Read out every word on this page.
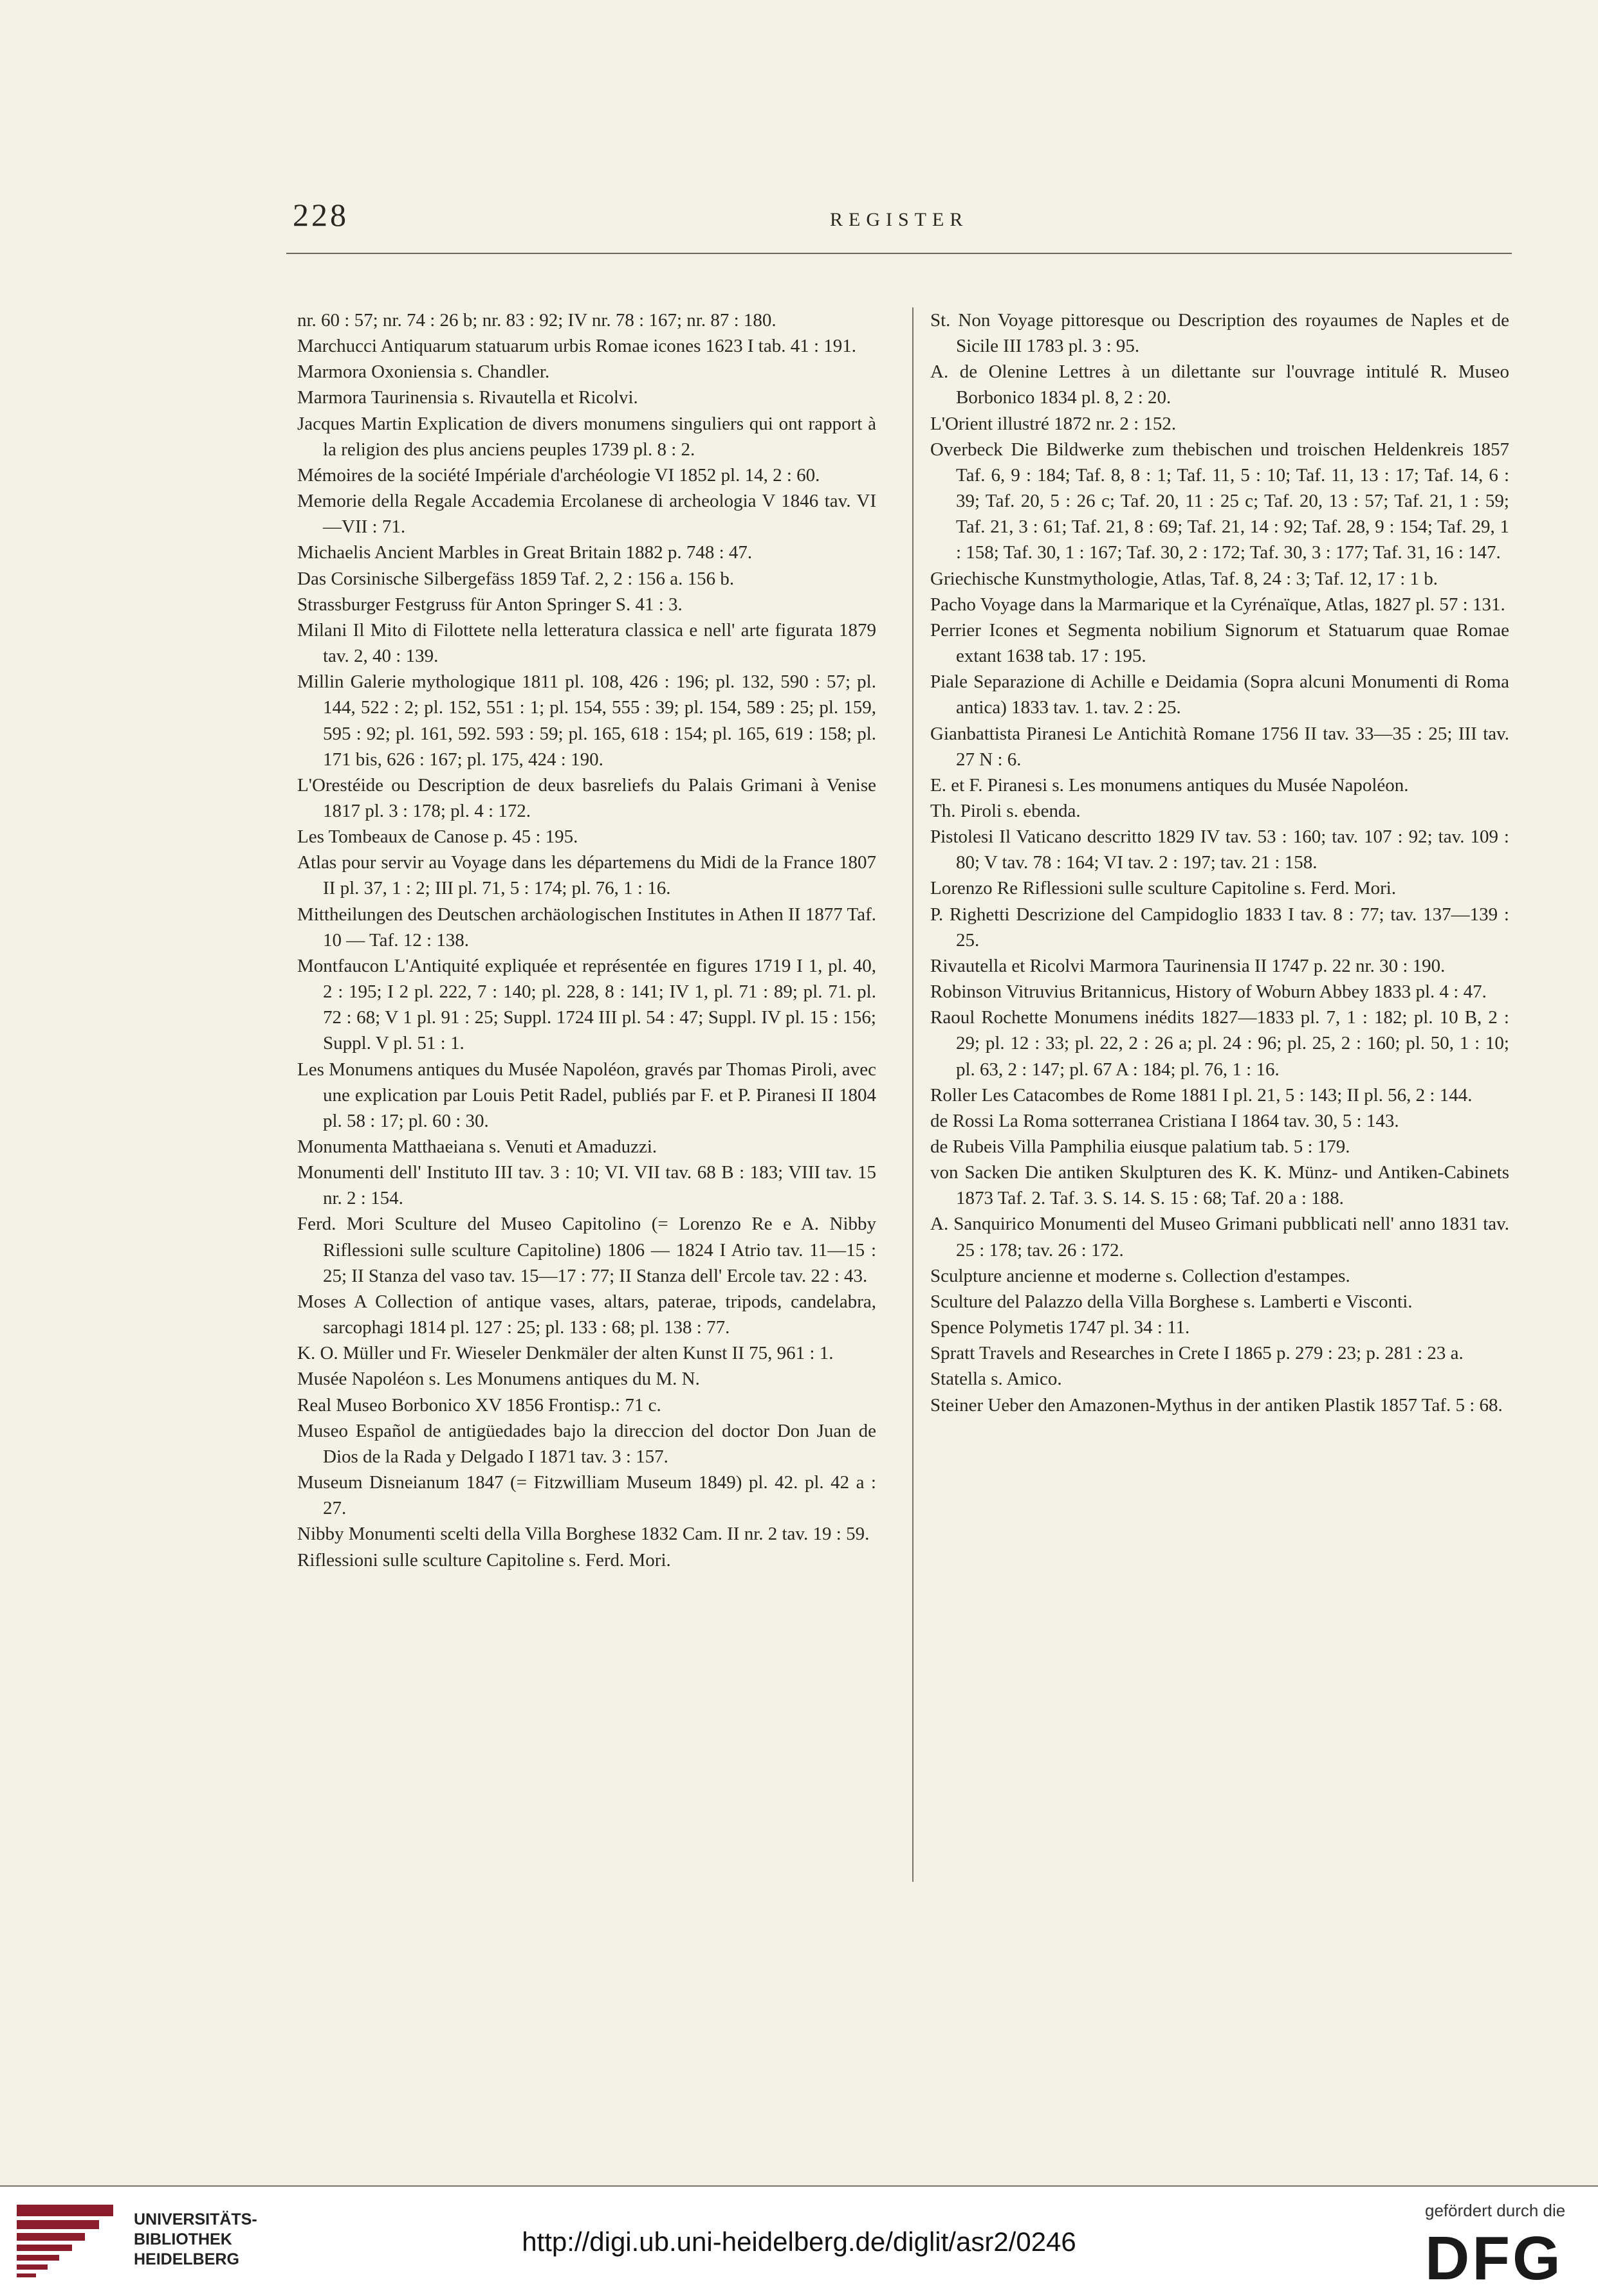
228	REGISTER

nr. 60 : 57; nr. 74 : 26 b; nr. 83 : 92; IV nr. 78 : 167; nr. 87 : 180.

Marchucci Antiquarum statuarum urbis Romae icones 1623 I tab. 41 : 191.

Marmora Oxoniensia s. Chandler.

Marmora Taurinensia s. Rivautella et Ricolvi.

Jacques Martin Explication de divers monumens singuliers qui ont rapport à la religion des plus anciens peuples 1739 pl. 8 : 2.

Mémoires de la société Impériale d'archéologie VI 1852 pl. 14, 2 : 60.

Memorie della Regale Accademia Ercolanese di archeologia V 1846 tav. VI—VII : 71.

Michaelis Ancient Marbles in Great Britain 1882 p. 748 : 47.

Das Corsinische Silbergefäss 1859 Taf. 2, 2 : 156 a. 156 b.

Strassburger Festgruss für Anton Springer S. 41 : 3.

Milani Il Mito di Filottete nella letteratura classica e nell' arte figurata 1879 tav. 2, 40 : 139.

Millin Galerie mythologique 1811 pl. 108, 426 : 196; pl. 132, 590 : 57; pl. 144, 522 : 2; pl. 152, 551 : 1; pl. 154, 555 : 39; pl. 154, 589 : 25; pl. 159, 595 : 92; pl. 161, 592. 593 : 59; pl. 165, 618 : 154; pl. 165, 619 : 158; pl. 171 bis, 626 : 167; pl. 175, 424 : 190.

L'Orestéide ou Description de deux basreliefs du Palais Grimani à Venise 1817 pl. 3 : 178; pl. 4 : 172.

Les Tombeaux de Canose p. 45 : 195.

Atlas pour servir au Voyage dans les départemens du Midi de la France 1807 II pl. 37, 1 : 2; III pl. 71, 5 : 174; pl. 76, 1 : 16.

Mittheilungen des Deutschen archäologischen Institutes in Athen II 1877 Taf. 10 — Taf. 12 : 138.

Montfaucon L'Antiquité expliquée et représentée en figures 1719 I 1, pl. 40, 2 : 195; I 2 pl. 222, 7 : 140; pl. 228, 8 : 141; IV 1, pl. 71 : 89; pl. 71. pl. 72 : 68; V 1 pl. 91 : 25; Suppl. 1724 III pl. 54 : 47; Suppl. IV pl. 15 : 156; Suppl. V pl. 51 : 1.

Les Monumens antiques du Musée Napoléon, gravés par Thomas Piroli, avec une explication par Louis Petit Radel, publiés par F. et P. Piranesi II 1804 pl. 58 : 17; pl. 60 : 30.

Monumenta Matthaeiana s. Venuti et Amaduzzi.

Monumenti dell' Instituto III tav. 3 : 10; VI. VII tav. 68 B : 183; VIII tav. 15 nr. 2 : 154.

Ferd. Mori Sculture del Museo Capitolino (= Lorenzo Re e A. Nibby Riflessioni sulle sculture Capitoline) 1806 — 1824 I Atrio tav. 11—15 : 25; II Stanza del vaso tav. 15—17 : 77; II Stanza dell' Ercole tav. 22 : 43.

Moses A Collection of antique vases, altars, paterae, tripods, candelabra, sarcophagi 1814 pl. 127 : 25; pl. 133 : 68; pl. 138 : 77.

K. O. Müller und Fr. Wieseler Denkmäler der alten Kunst II 75, 961 : 1.

Musée Napoléon s. Les Monumens antiques du M. N.

Real Museo Borbonico XV 1856 Frontisp.: 71 c.

Museo Español de antigüedades bajo la direccion del doctor Don Juan de Dios de la Rada y Delgado I 1871 tav. 3 : 157.

Museum Disneianum 1847 (= Fitzwilliam Museum 1849) pl. 42. pl. 42 a : 27.

Nibby Monumenti scelti della Villa Borghese 1832 Cam. II nr. 2 tav. 19 : 59.

Riflessioni sulle sculture Capitoline s. Ferd. Mori.

St. Non Voyage pittoresque ou Description des royaumes de Naples et de Sicile III 1783 pl. 3 : 95.

A. de Olenine Lettres à un dilettante sur l'ouvrage intitulé R. Museo Borbonico 1834 pl. 8, 2 : 20.

L'Orient illustré 1872 nr. 2 : 152.

Overbeck Die Bildwerke zum thebischen und troischen Heldenkreis 1857 Taf. 6, 9 : 184; Taf. 8, 8 : 1; Taf. 11, 5 : 10; Taf. 11, 13 : 17; Taf. 14, 6 : 39; Taf. 20, 5 : 26 c; Taf. 20, 11 : 25 c; Taf. 20, 13 : 57; Taf. 21, 1 : 59; Taf. 21, 3 : 61; Taf. 21, 8 : 69; Taf. 21, 14 : 92; Taf. 28, 9 : 154; Taf. 29, 1 : 158; Taf. 30, 1 : 167; Taf. 30, 2 : 172; Taf. 30, 3 : 177; Taf. 31, 16 : 147.

Griechische Kunstmythologie, Atlas, Taf. 8, 24 : 3; Taf. 12, 17 : 1 b.

Pacho Voyage dans la Marmarique et la Cyrénaïque, Atlas, 1827 pl. 57 : 131.

Perrier Icones et Segmenta nobilium Signorum et Statuarum quae Romae extant 1638 tab. 17 : 195.

Piale Separazione di Achille e Deidamia (Sopra alcuni Monumenti di Roma antica) 1833 tav. 1. tav. 2 : 25.

Gianbattista Piranesi Le Antichità Romane 1756 II tav. 33—35 : 25; III tav. 27 N : 6.

E. et F. Piranesi s. Les monumens antiques du Musée Napoléon.

Th. Piroli s. ebenda.

Pistolesi Il Vaticano descritto 1829 IV tav. 53 : 160; tav. 107 : 92; tav. 109 : 80; V tav. 78 : 164; VI tav. 2 : 197; tav. 21 : 158.

Lorenzo Re Riflessioni sulle sculture Capitoline s. Ferd. Mori.

P. Righetti Descrizione del Campidoglio 1833 I tav. 8 : 77; tav. 137—139 : 25.

Rivautella et Ricolvi Marmora Taurinensia II 1747 p. 22 nr. 30 : 190.

Robinson Vitruvius Britannicus, History of Woburn Abbey 1833 pl. 4 : 47.

Raoul Rochette Monumens inédits 1827—1833 pl. 7, 1 : 182; pl. 10 B, 2 : 29; pl. 12 : 33; pl. 22, 2 : 26 a; pl. 24 : 96; pl. 25, 2 : 160; pl. 50, 1 : 10; pl. 63, 2 : 147; pl. 67 A : 184; pl. 76, 1 : 16.

Roller Les Catacombes de Rome 1881 I pl. 21, 5 : 143; II pl. 56, 2 : 144.

de Rossi La Roma sotterranea Cristiana I 1864 tav. 30, 5 : 143.

de Rubeis Villa Pamphilia eiusque palatium tab. 5 : 179.

von Sacken Die antiken Skulpturen des K. K. Münz- und Antiken-Cabinets 1873 Taf. 2. Taf. 3. S. 14. S. 15 : 68; Taf. 20 a : 188.

A. Sanquirico Monumenti del Museo Grimani pubblicati nell' anno 1831 tav. 25 : 178; tav. 26 : 172.

Sculpture ancienne et moderne s. Collection d'estampes.

Sculture del Palazzo della Villa Borghese s. Lamberti e Visconti.

Spence Polymetis 1747 pl. 34 : 11.

Spratt Travels and Researches in Crete I 1865 p. 279 : 23; p. 281 : 23 a.

Statella s. Amico.

Steiner Ueber den Amazonen-Mythus in der antiken Plastik 1857 Taf. 5 : 68.

UNIVERSITÄTS-
BIBLIOTHEK
HEIDELBERG
http://digi.ub.uni-heidelberg.de/diglit/asr2/0246
gefördert durch die
DFG
